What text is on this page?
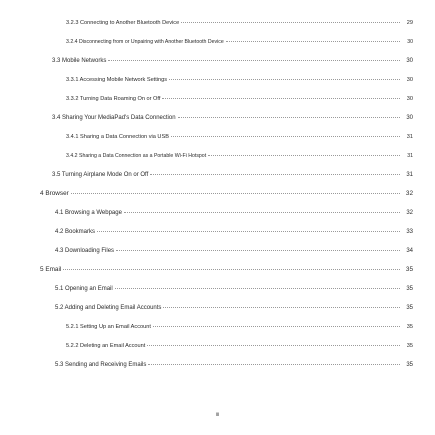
3.2.3 Connecting to Another Bluetooth Device	29
3.2.4 Disconnecting from or Unpairing with Another Bluetooth Device	30
3.3 Mobile Networks	30
3.3.1 Accessing Mobile Network Settings	30
3.3.2 Turning Data Roaming On or Off	30
3.4 Sharing Your MediaPad's Data Connection	30
3.4.1 Sharing a Data Connection via USB	31
3.4.2 Sharing a Data Connection as a Portable Wi-Fi Hotspot	31
3.5 Turning Airplane Mode On or Off	31
4 Browser	32
4.1 Browsing a Webpage	32
4.2 Bookmarks	33
4.3 Downloading Files	34
5 Email	35
5.1 Opening an Email	35
5.2 Adding and Deleting Email Accounts	35
5.2.1 Setting Up an Email Account	35
5.2.2 Deleting an Email Account	35
5.3 Sending and Receiving Emails	35
iii
